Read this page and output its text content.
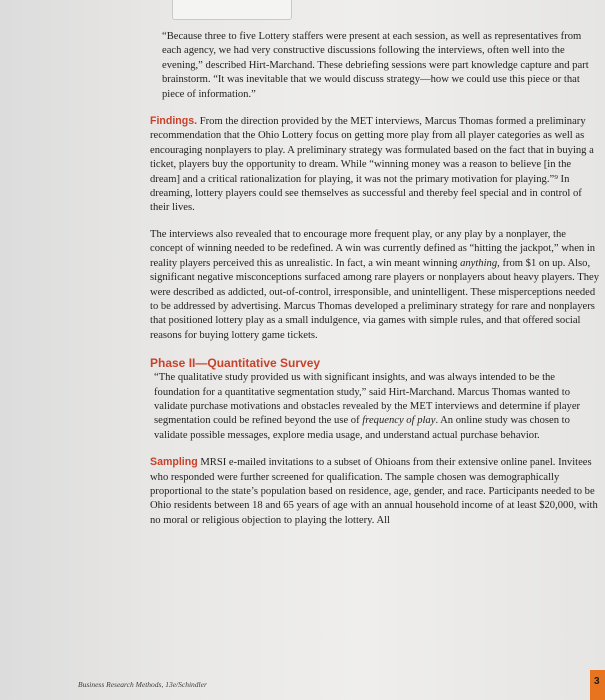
“Because three to five Lottery staffers were present at each session, as well as representatives from each agency, we had very constructive discussions following the interviews, often well into the evening,” described Hirt-Marchand. These debriefing sessions were part knowledge capture and part brainstorm. “It was inevitable that we would discuss strategy—how we could use this piece or that piece of information.”

Findings. From the direction provided by the MET interviews, Marcus Thomas formed a preliminary recommendation that the Ohio Lottery focus on getting more play from all player categories as well as encouraging nonplayers to play. A preliminary strategy was formulated based on the fact that in buying a ticket, players buy the opportunity to dream. While “winning money was a reason to believe [in the dream] and a critical rationalization for playing, it was not the primary motivation for playing.”⁹ In dreaming, lottery players could see themselves as successful and thereby feel special and in control of their lives.

The interviews also revealed that to encourage more frequent play, or any play by a nonplayer, the concept of winning needed to be redefined. A win was currently defined as “hitting the jackpot,” when in reality players perceived this as unrealistic. In fact, a win meant winning anything, from $1 on up. Also, significant negative misconceptions surfaced among rare players or nonplayers about heavy players. They were described as addicted, out-of-control, irresponsible, and unintelligent. These misperceptions needed to be addressed by advertising. Marcus Thomas developed a preliminary strategy for rare and nonplayers that positioned lottery play as a small indulgence, via games with simple rules, and that offered social reasons for buying lottery game tickets.

Phase II—Quantitative Survey

“The qualitative study provided us with significant insights, and was always intended to be the foundation for a quantitative segmentation study,” said Hirt-Marchand. Marcus Thomas wanted to validate purchase motivations and obstacles revealed by the MET interviews and determine if player segmentation could be refined beyond the use of frequency of play. An online study was chosen to validate possible messages, explore media usage, and understand actual purchase behavior.

Sampling MRSI e-mailed invitations to a subset of Ohioans from their extensive online panel. Invitees who responded were further screened for qualification. The sample chosen was demographically proportional to the state’s population based on residence, age, gender, and race. Participants needed to be Ohio residents between 18 and 65 years of age with an annual household income of at least $20,000, with no moral or religious objection to playing the lottery. All

Business Research Methods, 13e/Schindler	3
